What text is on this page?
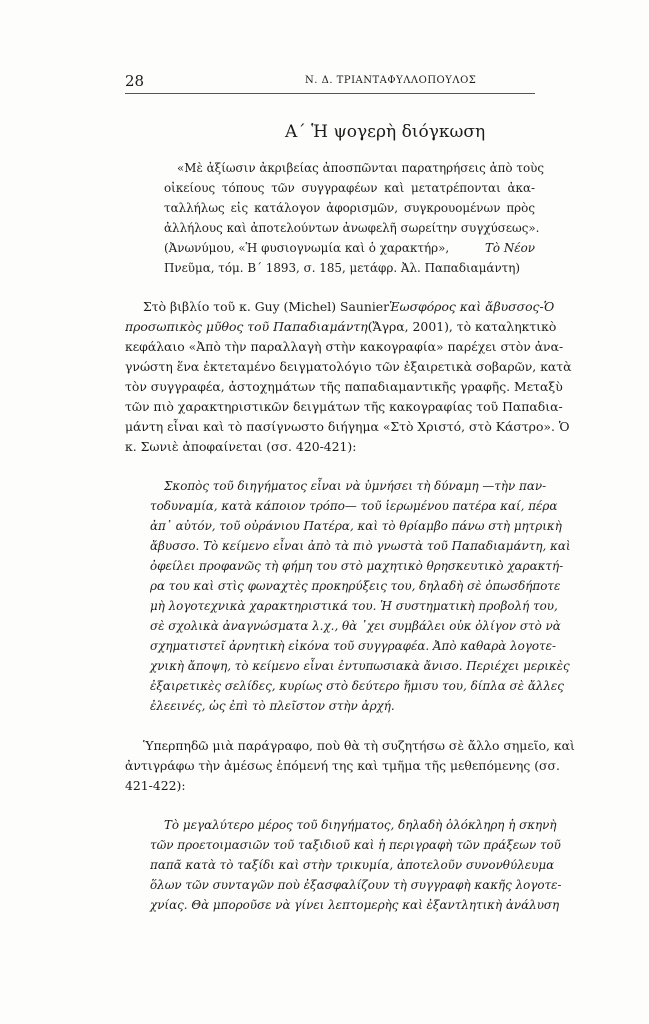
28	Ν. Δ. ΤΡΙΑΝΤΑΦΥΛΛΟΠΟΥΛΟΣ
Α΄ Ἡ ψογερὴ διόγκωση
«Μὲ ἀξίωσιν ἀκριβείας ἀποσπῶνται παρατηρήσεις ἀπὸ τοὺς
οἰκείους τόπους τῶν συγγραφέων καὶ μετατρέπονται ἀκα-
ταλλήλως εἰς κατάλογον ἀφορισμῶν, συγκρουομένων πρὸς
ἀλλήλους καὶ ἀποτελούντων ἀνωφελῆ σωρείτην συγχύσεως».
(Ἀνωνύμου, «Ἡ φυσιογνωμία καὶ ὁ χαρακτήρ»,	Τὸ Νέον
Πνεῦμα, τόμ. Β΄ 1893, σ. 185, μετάφρ. Ἀλ. Παπαδιαμάντη)
Στὸ βιβλίο τοῦ κ. Guy (Michel) Saunier Ἑωσφόρος καὶ ἄβυσσος - Ὁ
προσωπικὸς μῦθος τοῦ Παπαδιαμάντη (Ἄγρα, 2001), τὸ καταληκτικὸ
κεφάλαιο «Ἀπὸ τὴν παραλλαγὴ στὴν κακογραφία» παρέχει στὸν ἀνα-
γνώστη ἕνα ἐκτεταμένο δειγματολόγιο τῶν ἐξαιρετικὰ σοβαρῶν, κατὰ
τὸν συγγραφέα, ἀστοχημάτων τῆς παπαδιαμαντικῆς γραφῆς. Μεταξὺ
τῶν πιὸ χαρακτηριστικῶν δειγμάτων τῆς κακογραφίας τοῦ Παπαδια-
μάντη εἶναι καὶ τὸ πασίγνωστο διήγημα «Στὸ Χριστό, στὸ Κάστρο». Ὁ
κ. Σωνιὲ ἀποφαίνεται (σσ. 420-421):
Σκοπὸς τοῦ διηγήματος εἶναι νὰ ὑμνήσει τὴ δύναμη —τὴν παν-
τοδυναμία, κατὰ κάποιον τρόπο— τοῦ ἱερωμένου πατέρα καί, πέρα
ἀπ᾽ αὐτόν, τοῦ οὐράνιου Πατέρα, καὶ τὸ θρίαμβο πάνω στὴ μητρικὴ
ἄβυσσο. Τὸ κείμενο εἶναι ἀπὸ τὰ πιὸ γνωστὰ τοῦ Παπαδιαμάντη, καὶ
ὀφείλει προφανῶς τὴ φήμη του στὸ μαχητικὸ θρησκευτικὸ χαρακτή-
ρα του καὶ στὶς φωναχτὲς προκηρύξεις του, δηλαδὴ σὲ ὁπωσδήποτε
μὴ λογοτεχνικὰ χαρακτηριστικά του. Ἡ συστηματικὴ προβολή του,
σὲ σχολικὰ ἀναγνώσματα λ.χ., θὰ ᾽χει συμβάλει οὐκ ὀλίγον στὸ νὰ
σχηματιστεῖ ἀρνητικὴ εἰκόνα τοῦ συγγραφέα. Ἀπὸ καθαρὰ λογοτε-
χνικὴ ἄποψη, τὸ κείμενο εἶναι ἐντυπωσιακὰ ἄνισο. Περιέχει μερικὲς
ἐξαιρετικὲς σελίδες, κυρίως στὸ δεύτερο ἥμισυ του, δίπλα σὲ ἄλλες
ἐλεεινές, ὡς ἐπὶ τὸ πλεῖστον στὴν ἀρχή.
Ὑπερπηδῶ μιὰ παράγραφο, ποὺ θὰ τὴ συζητήσω σὲ ἄλλο σημεῖο, καὶ
ἀντιγράφω τὴν ἀμέσως ἑπόμενή της καὶ τμῆμα τῆς μεθεπόμενης (σσ.
421-422):
Τὸ μεγαλύτερο μέρος τοῦ διηγήματος, δηλαδὴ ὁλόκληρη ἡ σκηνὴ
τῶν προετοιμασιῶν τοῦ ταξιδιοῦ καὶ ἡ περιγραφὴ τῶν πράξεων τοῦ
παπᾶ κατὰ τὸ ταξίδι καὶ στὴν τρικυμία, ἀποτελοῦν συνονθύλευμα
ὅλων τῶν συνταγῶν ποὺ ἐξασφαλίζουν τὴ συγγραφὴ κακῆς λογοτε-
χνίας. Θὰ μποροῦσε νὰ γίνει λεπτομερὴς καὶ ἐξαντλητικὴ ἀνάλυση
